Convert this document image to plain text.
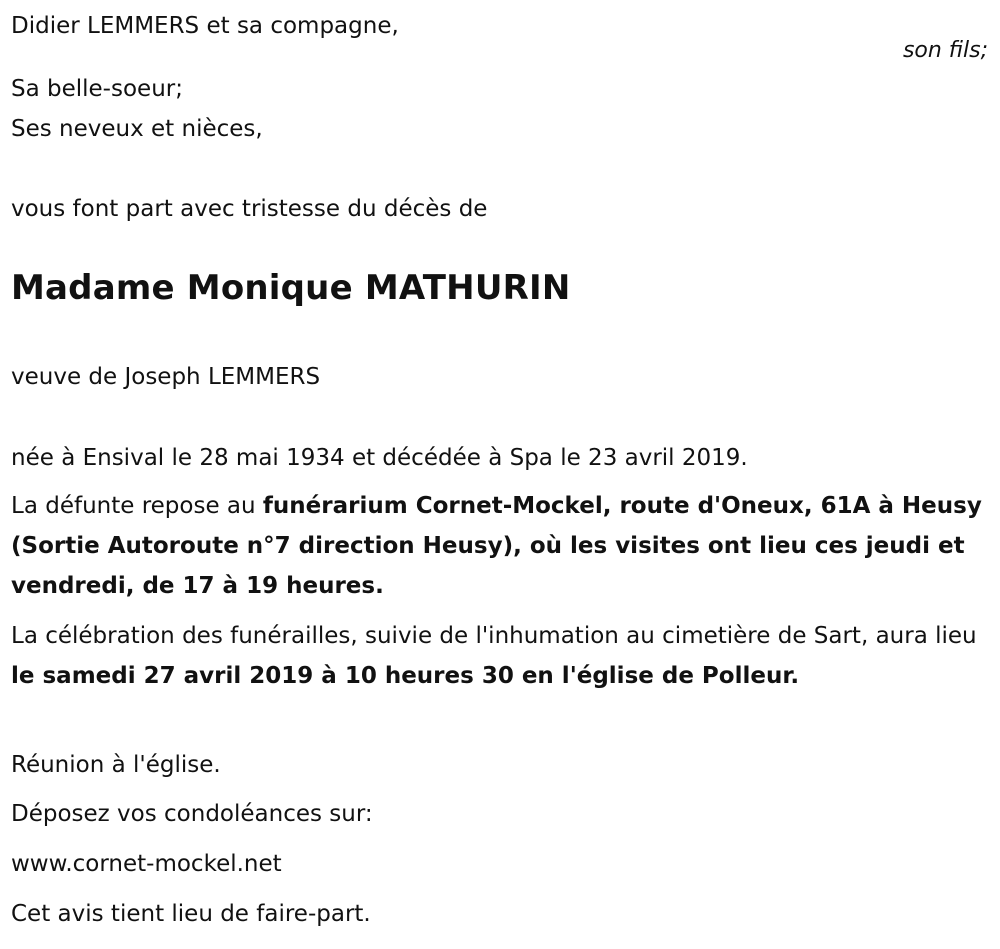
Didier LEMMERS et sa compagne,
son fils;
Sa belle-soeur;
Ses neveux et nièces,
vous font part avec tristesse du décès de
Madame Monique MATHURIN
veuve de Joseph LEMMERS
née à Ensival le 28 mai 1934 et décédée à Spa le 23 avril 2019.
La défunte repose au funérarium Cornet-Mockel, route d'Oneux, 61A à Heusy (Sortie Autoroute n°7 direction Heusy), où les visites ont lieu ces jeudi et vendredi, de 17 à 19 heures.
La célébration des funérailles, suivie de l'inhumation au cimetière de Sart, aura lieu le samedi 27 avril 2019 à 10 heures 30 en l'église de Polleur.
Réunion à l'église.
Déposez vos condoléances sur:
www.cornet-mockel.net
Cet avis tient lieu de faire-part.
